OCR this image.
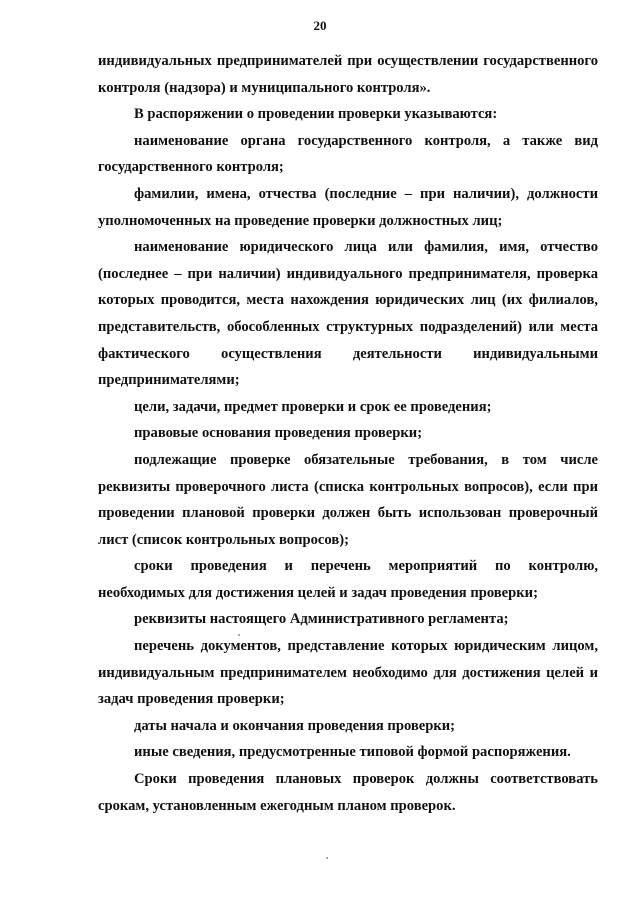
20

индивидуальных предпринимателей при осуществлении государственного контроля (надзора) и муниципального контроля».

В распоряжении о проведении проверки указываются:

наименование органа государственного контроля, а также вид государственного контроля;

фамилии, имена, отчества (последние – при наличии), должности уполномоченных на проведение проверки должностных лиц;

наименование юридического лица или фамилия, имя, отчество (последнее – при наличии) индивидуального предпринимателя, проверка которых проводится, места нахождения юридических лиц (их филиалов, представительств, обособленных структурных подразделений) или места фактического осуществления деятельности индивидуальными предпринимателями;

цели, задачи, предмет проверки и срок ее проведения;

правовые основания проведения проверки;

подлежащие проверке обязательные требования, в том числе реквизиты проверочного листа (списка контрольных вопросов), если при проведении плановой проверки должен быть использован проверочный лист (список контрольных вопросов);

сроки проведения и перечень мероприятий по контролю, необходимых для достижения целей и задач проведения проверки;

реквизиты настоящего Административного регламента;

перечень документов, представление которых юридическим лицом, индивидуальным предпринимателем необходимо для достижения целей и задач проведения проверки;

даты начала и окончания проведения проверки;

иные сведения, предусмотренные типовой формой распоряжения.

Сроки проведения плановых проверок должны соответствовать срокам, установленным ежегодным планом проверок.
